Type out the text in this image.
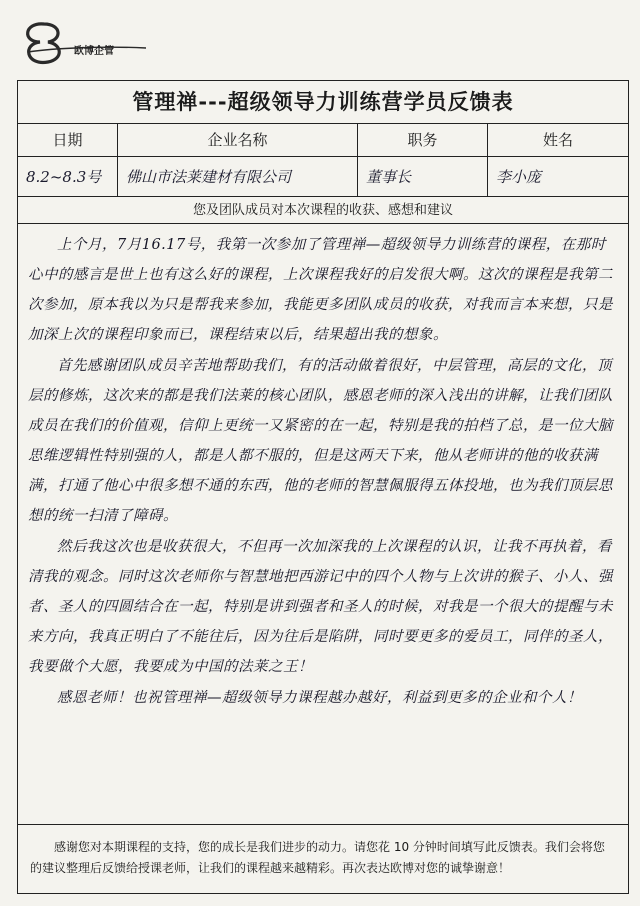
欧博企管
管理禅---超级领导力训练营学员反馈表
日期	企业名称	职务	姓名
8.2~8.3号	佛山市法莱建材有限公司	董事长	李小庞
您及团队成员对本次课程的收获、感想和建议

上个月，7月16.17号，我第一次参加了管理禅—超级领导力训练营的课程，在那时心中的感言是世上也有这么好的课程，上次课程我好的启发很大啊。这次的课程是我第二次参加，原本我以为只是帮我来参加，我能更多团队成员的收获，对我而言本来想，只是加深上次的课程印象而已，课程结束以后，结果超出我的想象。

首先感谢团队成员辛苦地帮助我们，有的活动做着很好，中层管理，高层的文化，顶层的修炼，这次来的都是我们法莱的核心团队，感恩老师的深入浅出的讲解，让我们团队成员在我们的价值观，信仰上更统一又紧密的在一起，特别是我的拍档了总，是一位大脑思维逻辑性特别强的人，都是人都不服的，但是这两天下来，他从老师讲的他的收获满满，打通了他心中很多想不通的东西，他的老师的智慧佩服得五体投地，也为我们顶层思想的统一扫清了障碍。

然后我这次也是收获很大，不但再一次加深我的上次课程的认识，让我不再执着，看清我的观念。同时这次老师你与智慧地把西游记中的四个人物与上次讲的猴子、小人、强者、圣人的四圆结合在一起，特别是讲到强者和圣人的时候，对我是一个很大的提醒与未来方向，我真正明白了不能往后，因为往后是陷阱，同时要更多的爱员工，同伴的圣人，我要做个大愿，我要成为中国的法莱之王！

感恩老师！也祝管理禅—超级领导力课程越办越好，利益到更多的企业和个人！

感谢您对本期课程的支持，您的成长是我们进步的动力。请您花 10 分钟时间填写此反馈表。我们会将您的建议整理后反馈给授课老师，让我们的课程越来越精彩。再次表达欧博对您的诚挚谢意！
